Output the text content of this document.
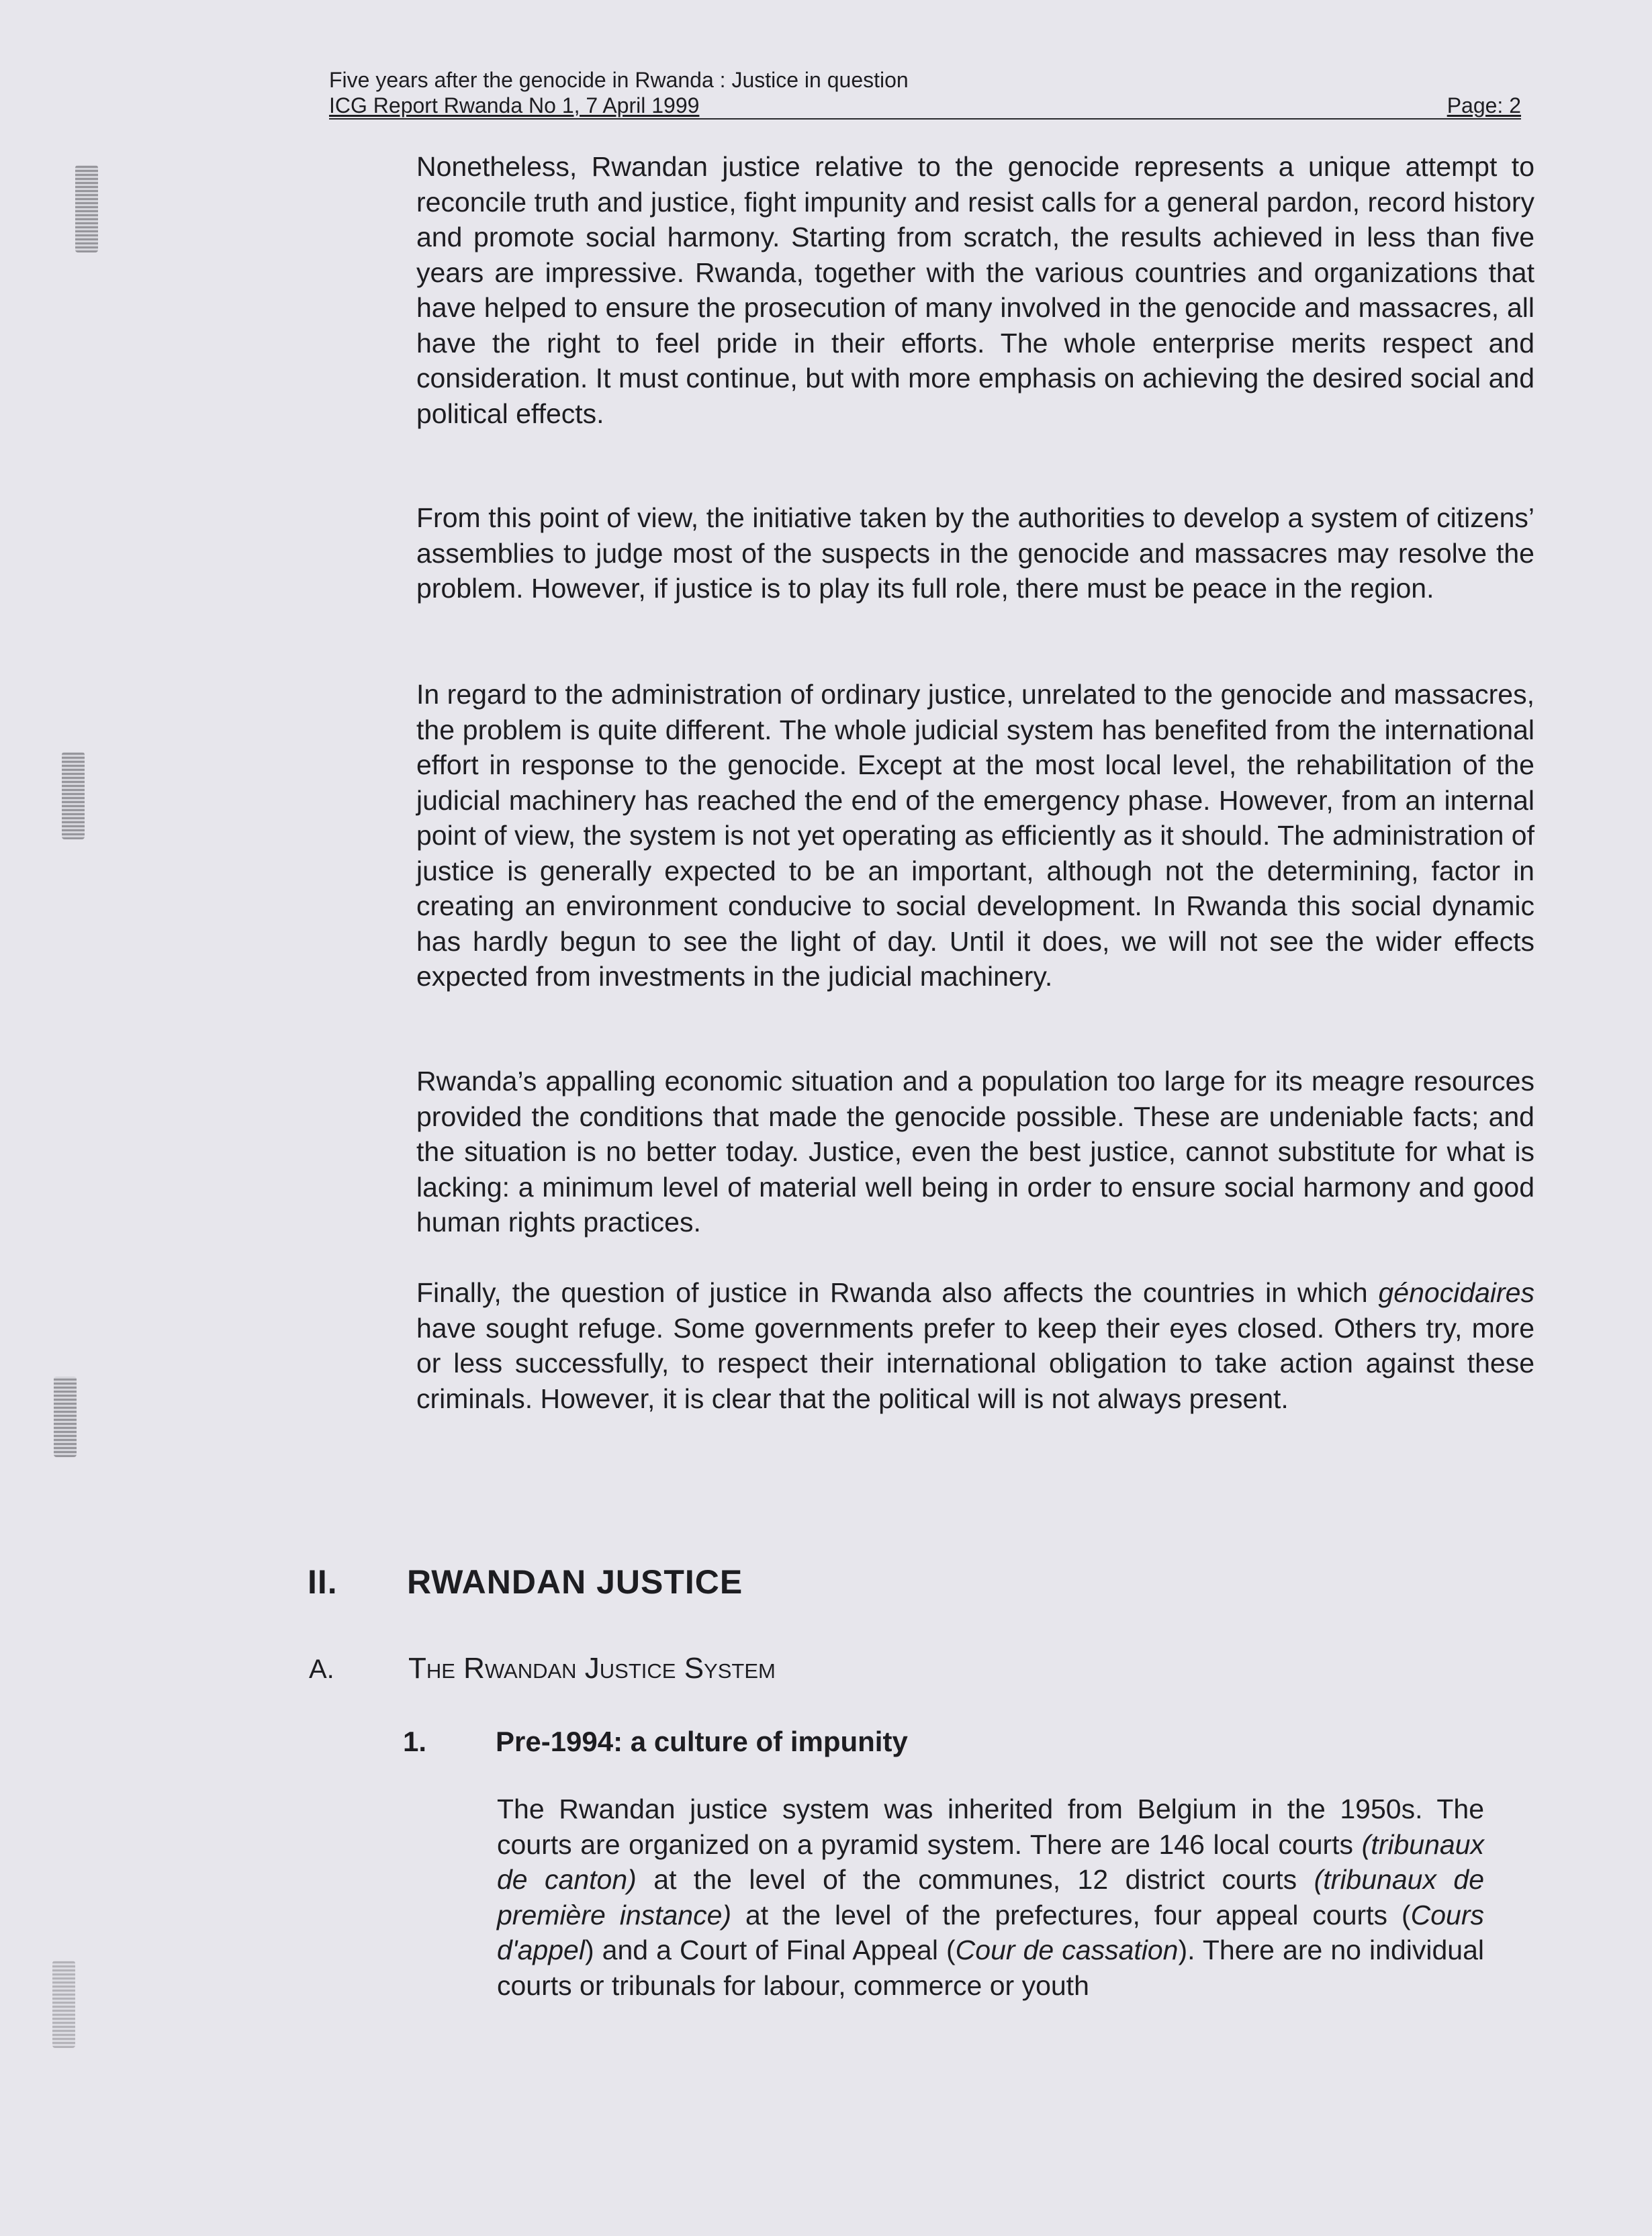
Five years after the genocide in Rwanda : Justice in question
ICG Report Rwanda No 1, 7 April 1999	Page: 2

Nonetheless, Rwandan justice relative to the genocide represents a unique attempt to reconcile truth and justice, fight impunity and resist calls for a general pardon, record history and promote social harmony. Starting from scratch, the results achieved in less than five years are impressive. Rwanda, together with the various countries and organizations that have helped to ensure the prosecution of many involved in the genocide and massacres, all have the right to feel pride in their efforts. The whole enterprise merits respect and consideration. It must continue, but with more emphasis on achieving the desired social and political effects.

From this point of view, the initiative taken by the authorities to develop a system of citizens’ assemblies to judge most of the suspects in the genocide and massacres may resolve the problem. However, if justice is to play its full role, there must be peace in the region.

In regard to the administration of ordinary justice, unrelated to the genocide and massacres, the problem is quite different. The whole judicial system has benefited from the international effort in response to the genocide. Except at the most local level, the rehabilitation of the judicial machinery has reached the end of the emergency phase. However, from an internal point of view, the system is not yet operating as efficiently as it should. The administration of justice is generally expected to be an important, although not the determining, factor in creating an environment conducive to social development. In Rwanda this social dynamic has hardly begun to see the light of day. Until it does, we will not see the wider effects expected from investments in the judicial machinery.

Rwanda’s appalling economic situation and a population too large for its meagre resources provided the conditions that made the genocide possible. These are undeniable facts; and the situation is no better today. Justice, even the best justice, cannot substitute for what is lacking: a minimum level of material well being in order to ensure social harmony and good human rights practices.

Finally, the question of justice in Rwanda also affects the countries in which génocidaires have sought refuge. Some governments prefer to keep their eyes closed. Others try, more or less successfully, to respect their international obligation to take action against these criminals. However, it is clear that the political will is not always present.

II. RWANDAN JUSTICE
A.	The Rwandan Justice System
1. Pre-1994: a culture of impunity

The Rwandan justice system was inherited from Belgium in the 1950s. The courts are organized on a pyramid system. There are 146 local courts (tribunaux de canton) at the level of the communes, 12 district courts (tribunaux de première instance) at the level of the prefectures, four appeal courts (Cours d'appel) and a Court of Final Appeal (Cour de cassation). There are no individual courts or tribunals for labour, commerce or youth
